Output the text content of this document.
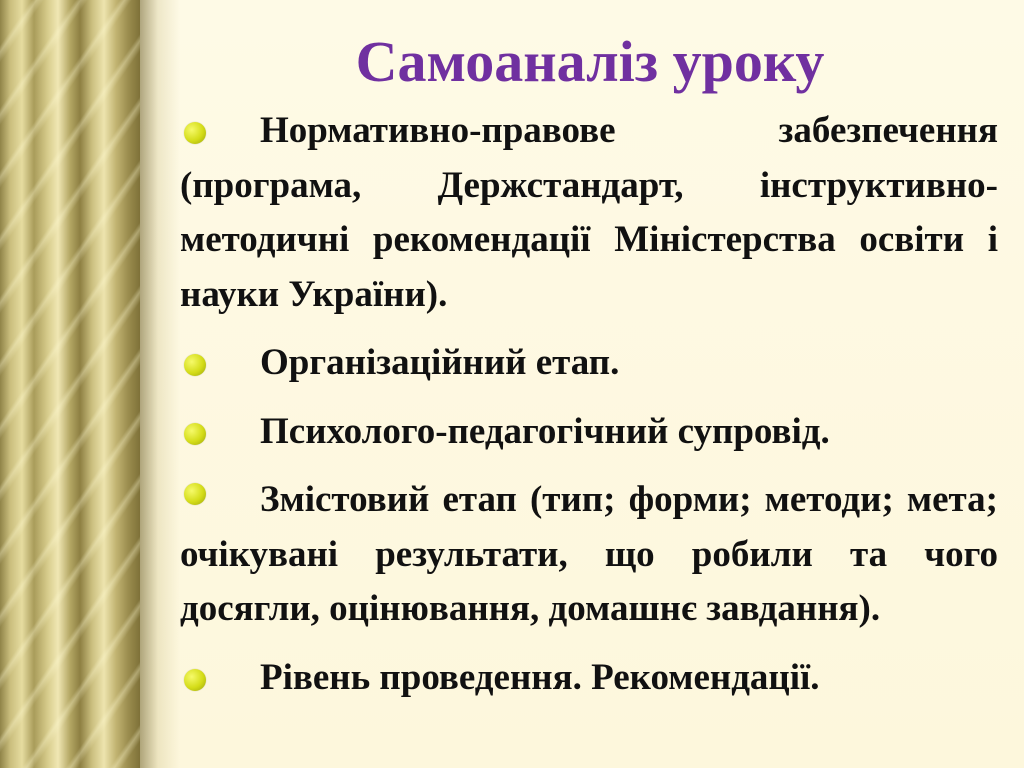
Самоаналіз уроку
Нормативно-правове забезпечення (програма, Держстандарт, інструктивно-методичні рекомендації Міністерства освіти і науки України).
Організаційний етап.
Психолого-педагогічний супровід.
Змістовий етап (тип; форми; методи; мета; очікувані результати, що робили та чого досягли, оцінювання, домашнє завдання).
Рівень проведення. Рекомендації.
